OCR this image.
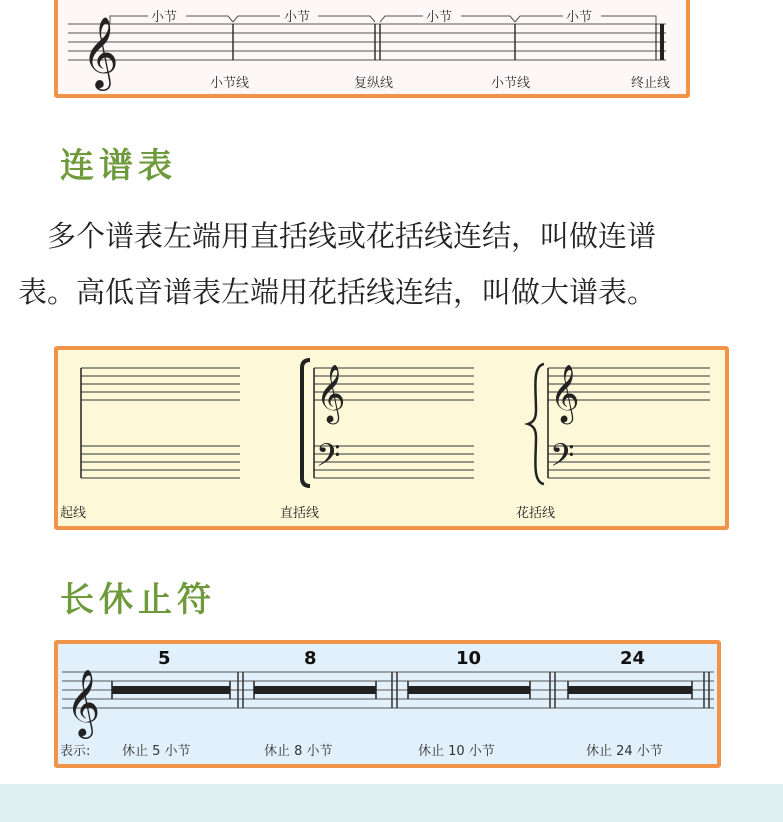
𝄞 小节	小节	小节	小节
小节线	复纵线	小节线	终止线
连谱表
　多个谱表左端用直括线或花括线连结，叫做连谱
表。高低音谱表左端用花括线连结，叫做大谱表。
𝄞
𝄢
𝄞
𝄢
起线	直括线	花括线
长休止符
𝄞
5	8	10	24
表示: 休止 5 小节	休止 8 小节	休止 10 小节	休止 24 小节
